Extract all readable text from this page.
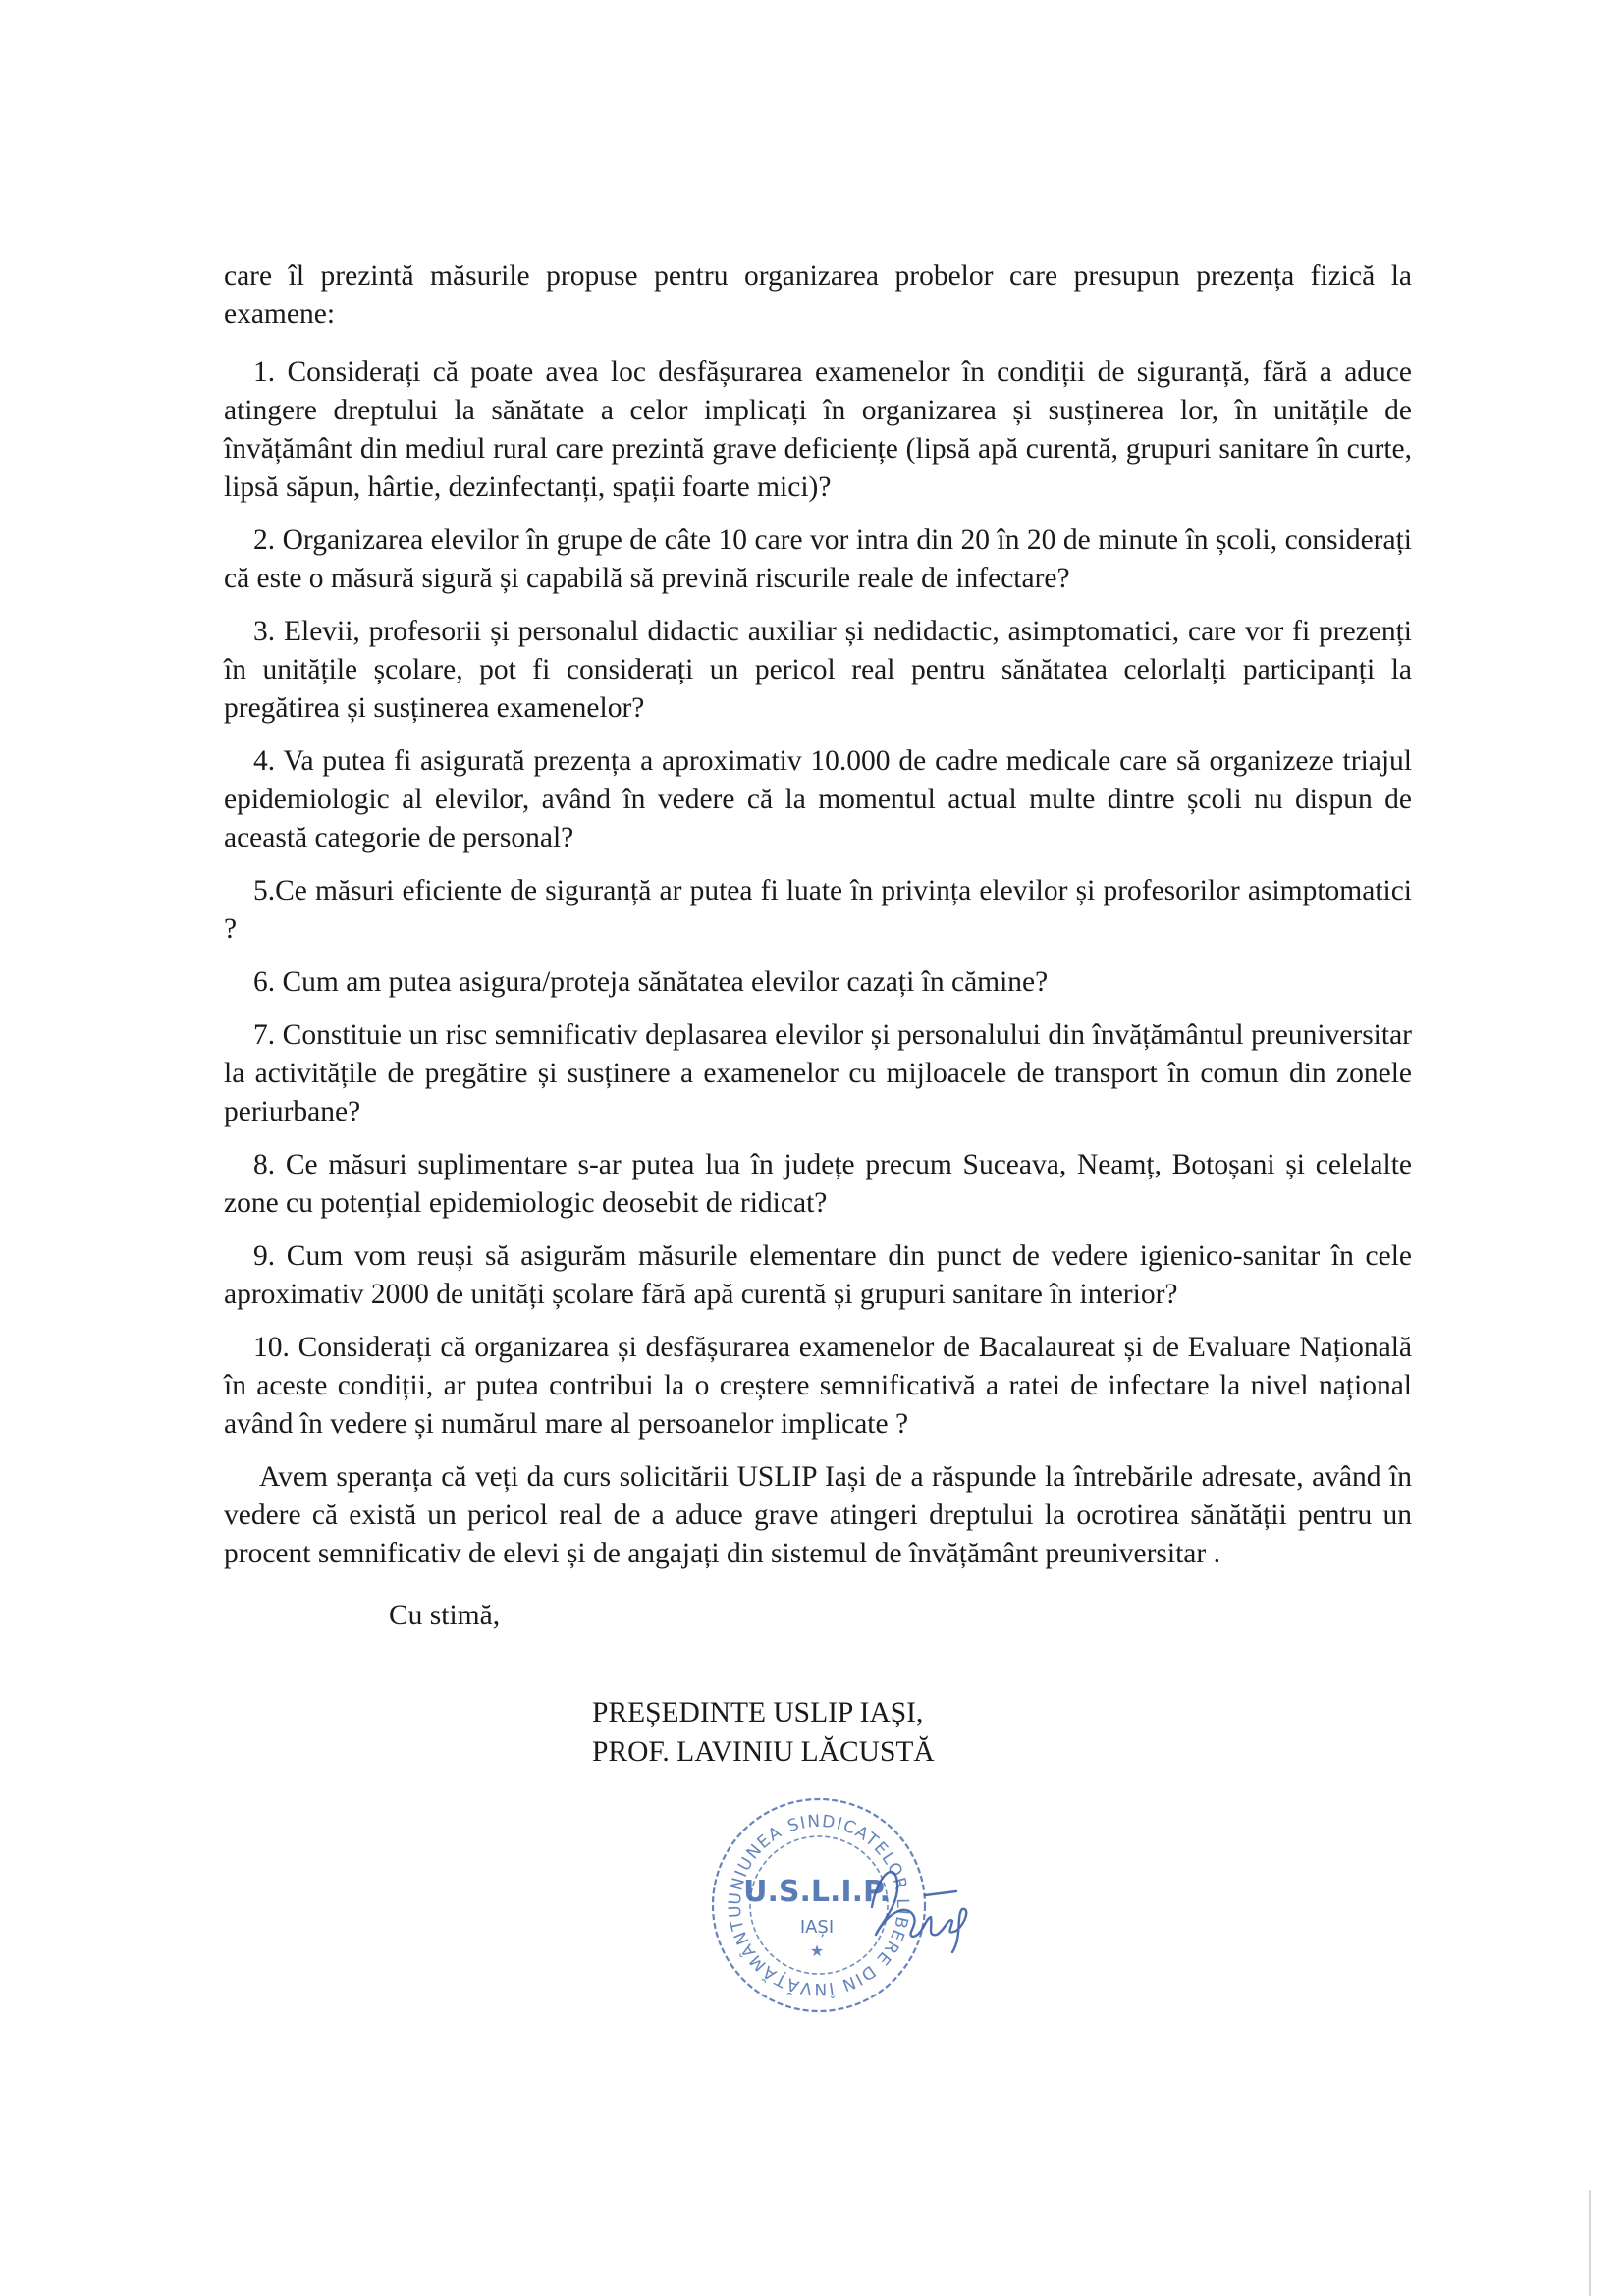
care îl prezintă măsurile propuse pentru organizarea probelor care presupun prezența fizică la examene:

1. Considerați că poate avea loc desfășurarea examenelor în condiții de siguranță, fără a aduce atingere dreptului la sănătate a celor implicați în organizarea și susținerea lor, în unitățile de învățământ din mediul rural care prezintă grave deficiențe (lipsă apă curentă, grupuri sanitare în curte, lipsă săpun, hârtie, dezinfectanți, spații foarte mici)?

2. Organizarea elevilor în grupe de câte 10 care vor intra din 20 în 20 de minute în școli, considerați că este o măsură sigură și capabilă să prevină riscurile reale de infectare?

3. Elevii, profesorii și personalul didactic auxiliar și nedidactic, asimptomatici, care vor fi prezenți în unitățile școlare, pot fi considerați un pericol real pentru sănătatea celorlalți participanți la pregătirea și susținerea examenelor?

4. Va putea fi asigurată prezența a aproximativ 10.000 de cadre medicale care să organizeze triajul epidemiologic al elevilor, având în vedere că la momentul actual multe dintre școli nu dispun de această categorie de personal?

5.Ce măsuri eficiente de siguranță ar putea fi luate în privința elevilor și profesorilor asimptomatici ?

6. Cum am putea asigura/proteja sănătatea elevilor cazați în cămine?

7. Constituie un risc semnificativ deplasarea elevilor și personalului din învățământul preuniversitar la activitățile de pregătire și susținere a examenelor cu mijloacele de transport în comun din zonele periurbane?

8. Ce măsuri suplimentare s-ar putea lua în județe precum Suceava, Neamț, Botoșani și celelalte zone cu potențial epidemiologic deosebit de ridicat?

9. Cum vom reuși să asigurăm măsurile elementare din punct de vedere igienico-sanitar în cele aproximativ 2000 de unități școlare fără apă curentă și grupuri sanitare în interior?

10. Considerați că organizarea și desfășurarea examenelor de Bacalaureat și de Evaluare Națională în aceste condiții, ar putea contribui la o creștere semnificativă a ratei de infectare la nivel național având în vedere și numărul mare al persoanelor implicate ?

Avem speranța că veți da curs solicitării USLIP Iași de a răspunde la întrebările adresate, având în vedere că există un pericol real de a aduce grave atingeri dreptului la ocrotirea sănătății pentru un procent semnificativ de elevi și de angajați din sistemul de învățământ preuniversitar .

Cu stimă,
PREȘEDINTE USLIP IAȘI,
PROF. LAVINIU LĂCUSTĂ
UNIUNEA SINDICATELOR LIBERE DIN ÎNVĂȚĂMÂNTU
U.S.L.I.P.
IAȘI
★
